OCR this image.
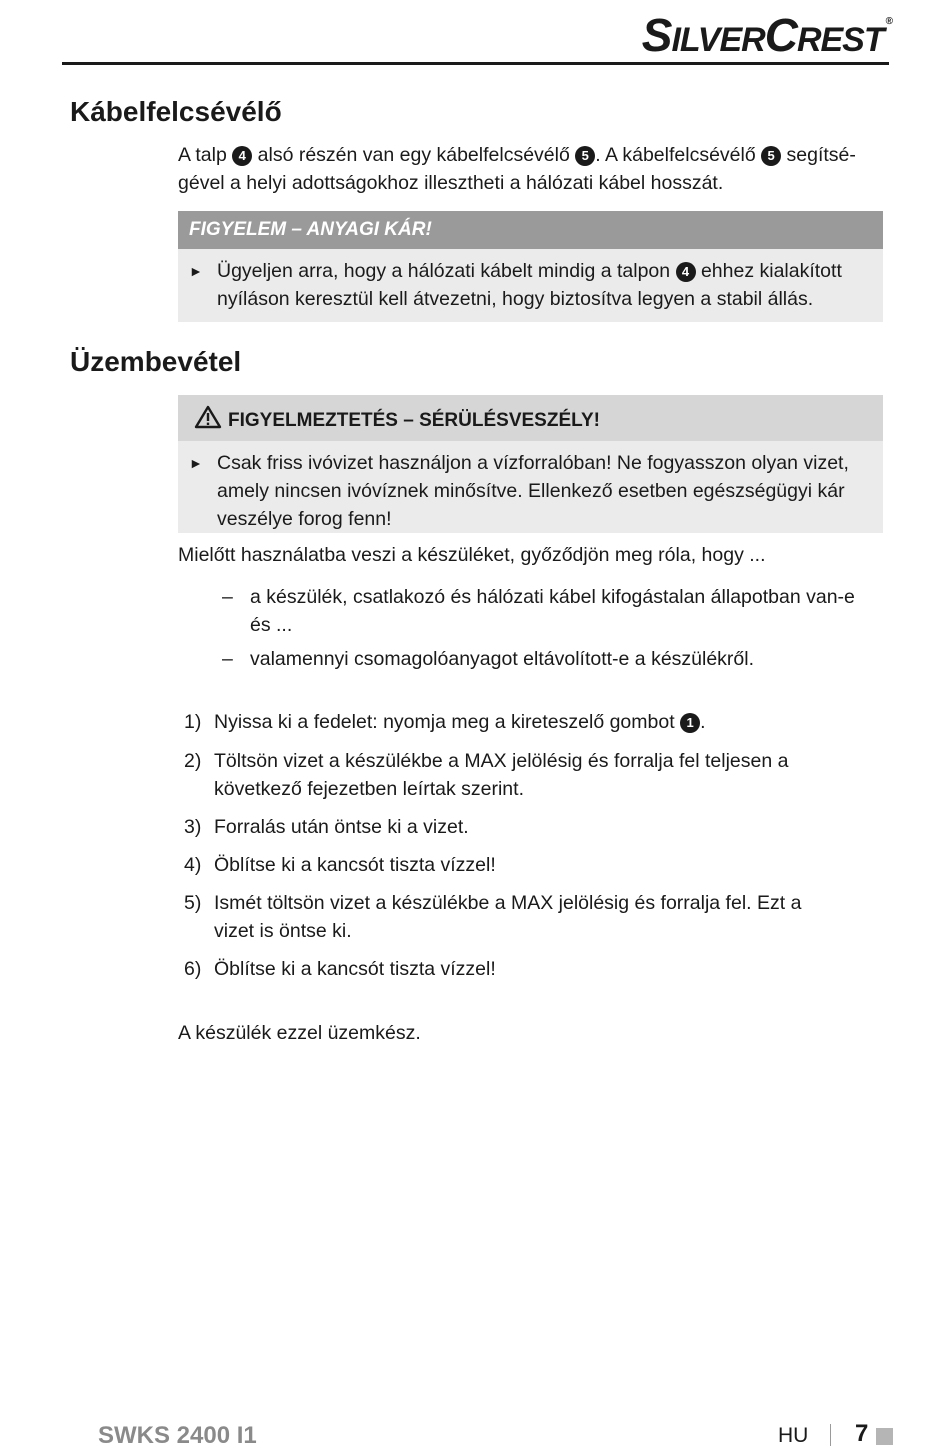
SILVERCREST ®
Kábelfelcsévélő
A talp 4 alsó részén van egy kábelfelcsévélő 5 . A kábelfelcsévélő 5 segítsé-
gével a helyi adottságokhoz illesztheti a hálózati kábel hosszát.
FIGYELEM – ANYAGI KÁR!
► Ügyeljen arra, hogy a hálózati kábelt mindig a talpon 4 ehhez kialakított nyíláson keresztül kell átvezetni, hogy biztosítva legyen a stabil állás.
Üzembevétel
FIGYELMEZTETÉS – SÉRÜLÉSVESZÉLY!
► Csak friss ivóvizet használjon a vízforralóban! Ne fogyasszon olyan vizet, amely nincsen ivóvíznek minősítve. Ellenkező esetben egészségügyi kár veszélye forog fenn!
Mielőtt használatba veszi a készüléket, győződjön meg róla, hogy ...
– a készülék, csatlakozó és hálózati kábel kifogástalan állapotban van-e és ...
– valamennyi csomagolóanyagot eltávolított-e a készülékről.
1) Nyissa ki a fedelet: nyomja meg a kireteszelő gombot 1 .
2) Töltsön vizet a készülékbe a MAX jelölésig és forralja fel teljesen a következő fejezetben leírtak szerint.
3) Forralás után öntse ki a vizet.
4) Öblítse ki a kancsót tiszta vízzel!
5) Ismét töltsön vizet a készülékbe a MAX jelölésig és forralja fel. Ezt a vizet is öntse ki.
6) Öblítse ki a kancsót tiszta vízzel!
A készülék ezzel üzemkész.
SWKS 2400 I1	HU 7
